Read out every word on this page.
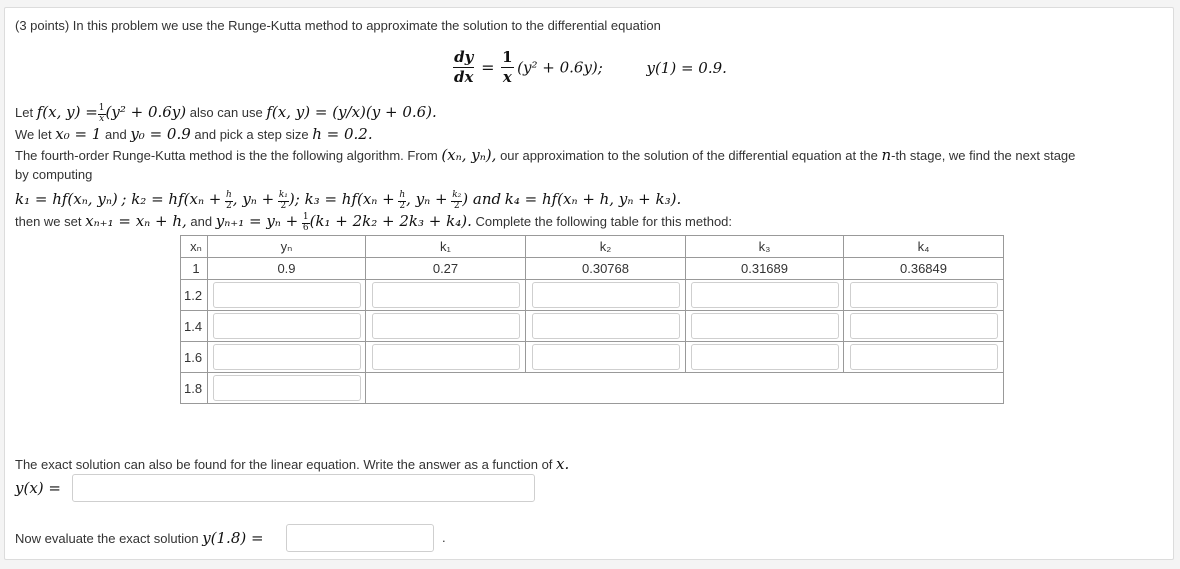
(3 points) In this problem we use the Runge-Kutta method to approximate the solution to the differential equation
$\frac{dy}{dx} = \frac{1}{x} (y^2 + 0.6y)$;	y(1) = 0.9.
Let f(x, $y) = \frac{1}{x} (y^2 + 0.6y)$ also can use f(x, y) = (y/x)(y + 0.6).
We let x₀ = 1 and y₀ = 0.9 and pick a step size h = 0.2.
The fourth-order Runge-Kutta method is the the following algorithm. From (xₙ, yₙ), our approximation to the solution of the differential equation at the n-th stage, we find the next stage
by computing
k₁ = hf(xₙ, yₙ) ; $k_2 = hf(x_n + \frac{h}{2}$ , $y_n + \frac{\text{k₁}}{2}$ ); $k_3 = hf(x_n + \frac{h}{2}$ , $y_n + \frac{\text{k₂}}{2}$ ) and k₄ = hf(xₙ + h, yₙ + k₃).
then we set xₙ₊₁ = xₙ + h, and $y_{n+1} = y_n + \frac{1}{6} (k_1 + 2k_2 + 2k_3 + k_4)$. Complete the following table for this method:
xₙ	yₙ	k₁	k₂	k₃	k₄
1	0.9	0.27	0.30768	0.31689	0.36849
1.2	

1.4	

1.6	

1.8				

The exact solution can also be found for the linear equation. Write the answer as a function of x.
y(x) =
Now evaluate the exact solution y(1.8) =	.
